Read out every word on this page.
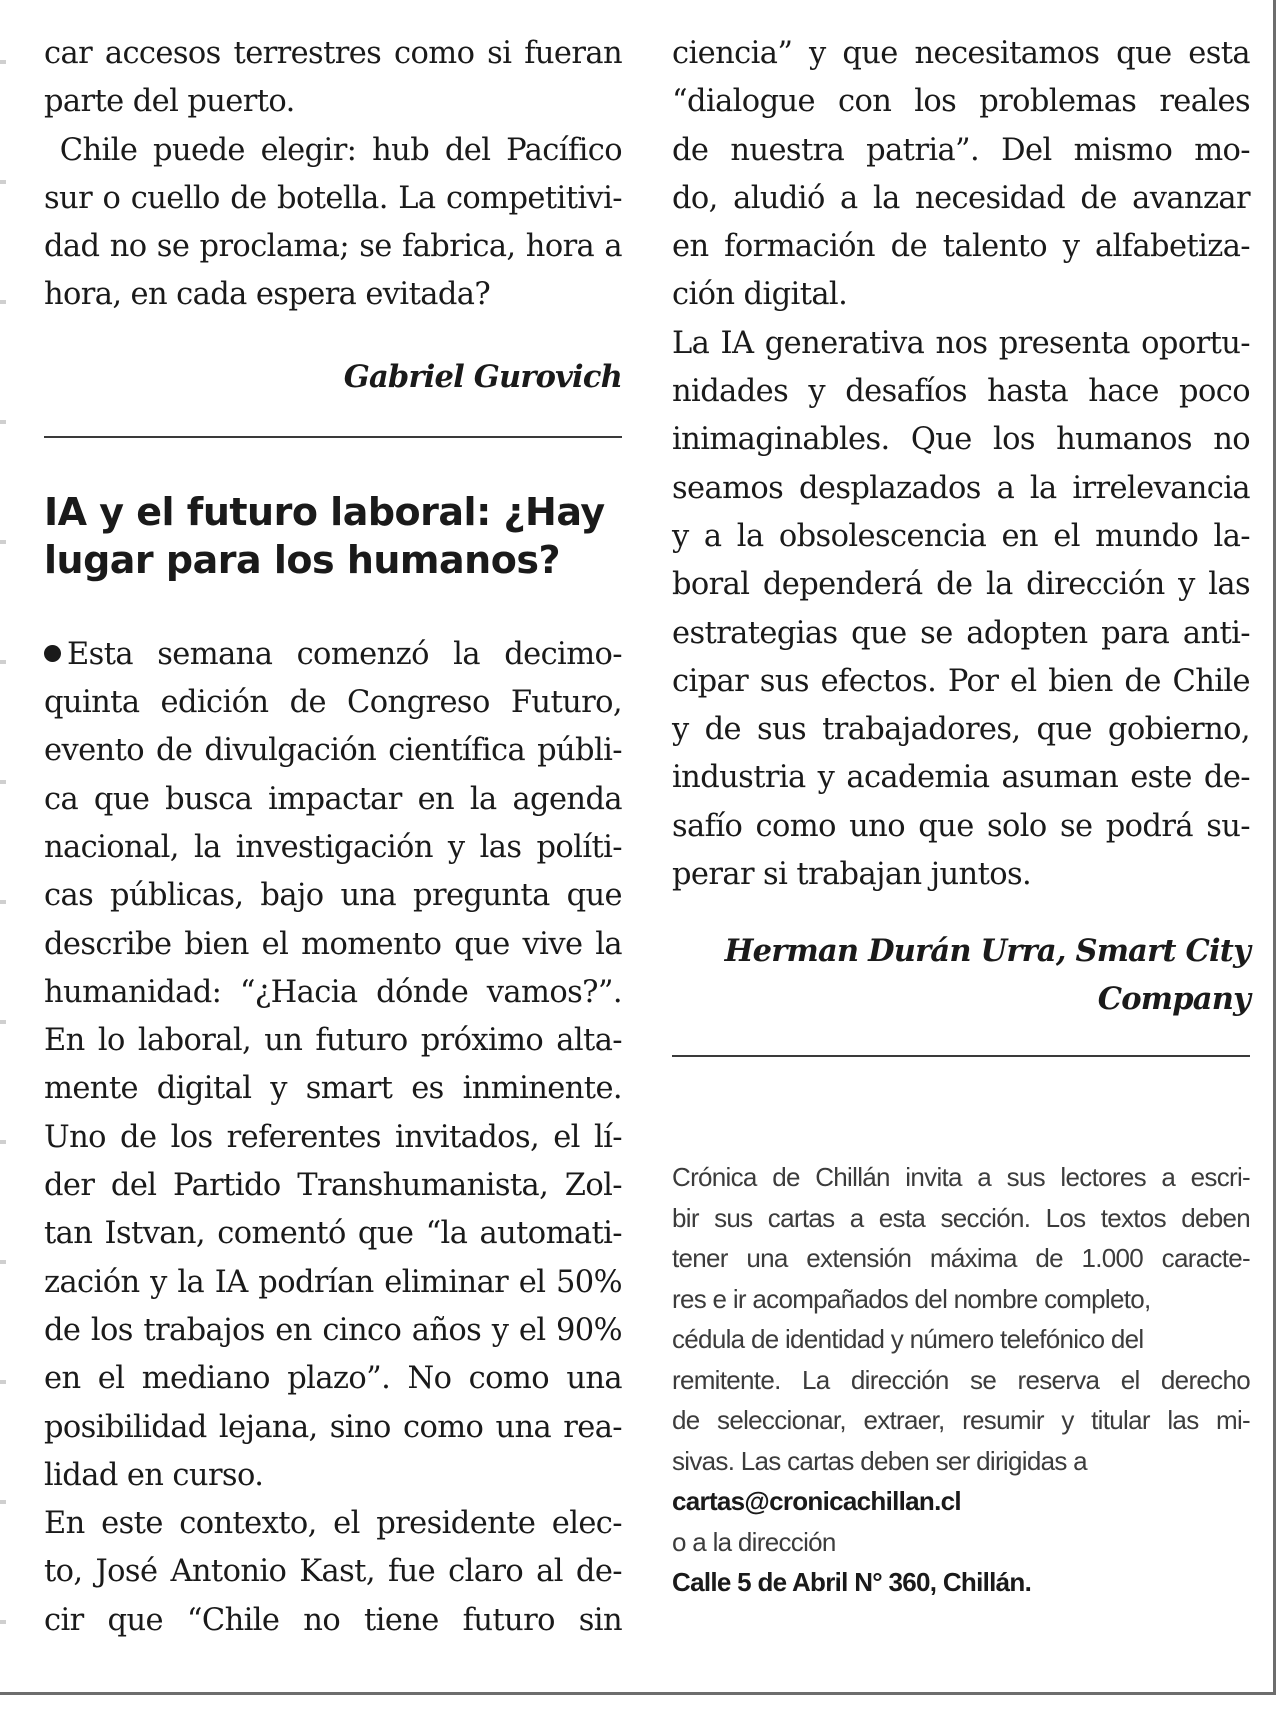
car accesos terrestres como si fueran
parte del puerto.
Chile puede elegir: hub del Pacífico
sur o cuello de botella. La competitivi-
dad no se proclama; se fabrica, hora a
hora, en cada espera evitada?
Gabriel Gurovich
IA y el futuro laboral: ¿Hay
lugar para los humanos?
Esta semana comenzó la decimo-
quinta edición de Congreso Futuro,
evento de divulgación científica públi-
ca que busca impactar en la agenda
nacional, la investigación y las políti-
cas públicas, bajo una pregunta que
describe bien el momento que vive la
humanidad: “¿Hacia dónde vamos?”.
En lo laboral, un futuro próximo alta-
mente digital y smart es inminente.
Uno de los referentes invitados, el lí-
der del Partido Transhumanista, Zol-
tan Istvan, comentó que “la automati-
zación y la IA podrían eliminar el 50%
de los trabajos en cinco años y el 90%
en el mediano plazo”. No como una
posibilidad lejana, sino como una rea-
lidad en curso.
En este contexto, el presidente elec-
to, José Antonio Kast, fue claro al de-
cir que “Chile no tiene futuro sin
ciencia” y que necesitamos que esta
“dialogue con los problemas reales
de nuestra patria”. Del mismo mo-
do, aludió a la necesidad de avanzar
en formación de talento y alfabetiza-
ción digital.
La IA generativa nos presenta oportu-
nidades y desafíos hasta hace poco
inimaginables. Que los humanos no
seamos desplazados a la irrelevancia
y a la obsolescencia en el mundo la-
boral dependerá de la dirección y las
estrategias que se adopten para anti-
cipar sus efectos. Por el bien de Chile
y de sus trabajadores, que gobierno,
industria y academia asuman este de-
safío como uno que solo se podrá su-
perar si trabajan juntos.
Herman Durán Urra, Smart City
Company
Crónica de Chillán invita a sus lectores a escri-
bir sus cartas a esta sección. Los textos deben
tener una extensión máxima de 1.000 caracte-
res e ir acompañados del nombre completo,
cédula de identidad y número telefónico del
remitente. La dirección se reserva el derecho
de seleccionar, extraer, resumir y titular las mi-
sivas. Las cartas deben ser dirigidas a
cartas@cronicachillan.cl
o a la dirección
Calle 5 de Abril N° 360, Chillán.
